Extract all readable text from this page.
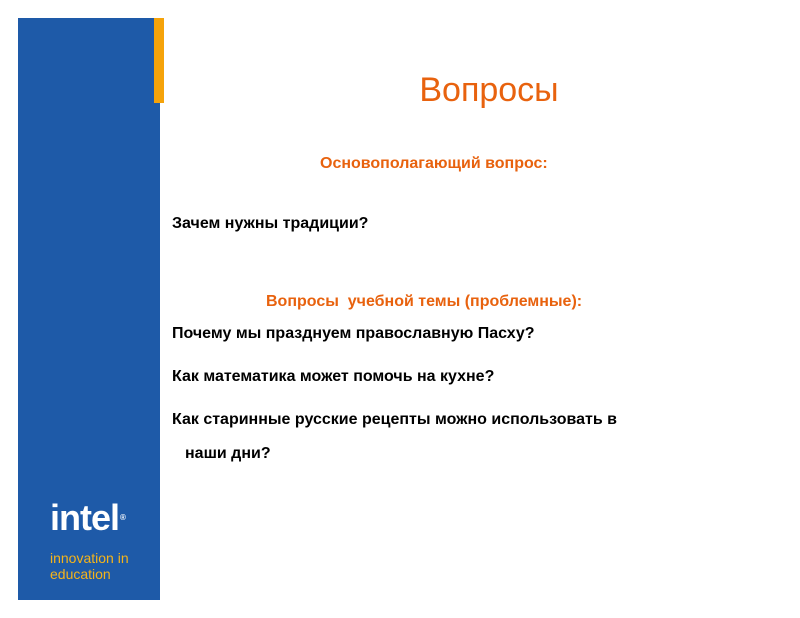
intel®
innovation in
education
Вопросы
Основополагающий вопрос:
Зачем нужны традиции?
Вопросы  учебной темы (проблемные):
Почему мы празднуем православную Пасху?
Как математика может помочь на кухне?
Как старинные русские рецепты можно использовать в
наши дни?
